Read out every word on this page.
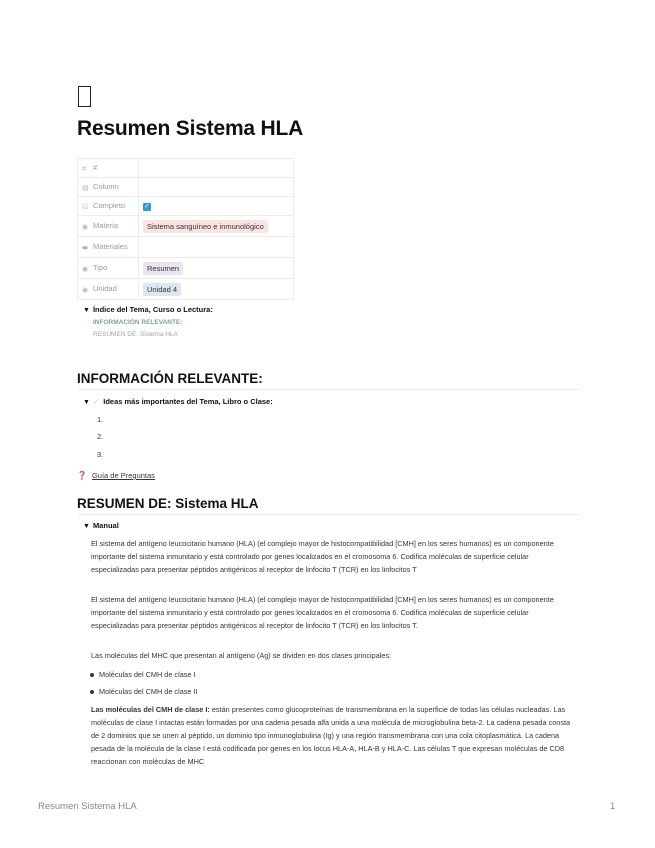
Resumen Sistema HLA
# #	
▤ Column	
☑ Completo	✓
◉ Materia	Sistema sanguíneo e inmunológico
⬬ Materiales	
◉ Tipo	Resumen
◉ Unidad	Unidad 4
▼ Índice del Tema, Curso o Lectura:
INFORMACIÓN RELEVANTE:
RESUMEN DE: Sistema HLA
INFORMACIÓN RELEVANTE:
▼ ✓ Ideas más importantes del Tema, Libro o Clase:
1.
2.
3.
❓ Guía de Preguntas
RESUMEN DE: Sistema HLA
▼ Manual

El sistema del antígeno leucocitario humano (HLA) (el complejo mayor de histocompatibilidad [CMH] en los seres humanos) es un componente importante del sistema inmunitario y está controlado por genes localizados en el cromosoma 6. Codifica moléculas de superficie celular especializadas para presentar péptidos antigénicos al receptor de linfocito T (TCR) en los linfocitos T

El sistema del antígeno leucocitario humano (HLA) (el complejo mayor de histocompatibilidad [CMH] en los seres humanos) es un componente importante del sistema inmunitario y está controlado por genes localizados en el cromosoma 6. Codifica moléculas de superficie celular especializadas para presentar péptidos antigénicos al receptor de linfocito T (TCR) en los linfocitos T.

Las moléculas del MHC que presentan al antígeno (Ag) se dividen en dos clases principales:

Moléculas del CMH de clase I
Moléculas del CMH de clase II

Las moléculas del CMH de clase I: están presentes como glucoproteínas de transmembrana en la superficie de todas las células nucleadas. Las moléculas de clase I intactas están formadas por una cadena pesada alfa unida a una molécula de microglobulina beta-2. La cadena pesada consta de 2 dominios que se unen al péptido, un dominio tipo inmunoglobulina (Ig) y una región transmembrana con una cola citoplasmática. La cadena pesada de la molécula de la clase I está codificada por genes en los locus HLA-A, HLA-B y HLA-C. Las células T que expresan moléculas de CD8 reaccionan con moléculas de MHC

Resumen Sistema HLA	1
